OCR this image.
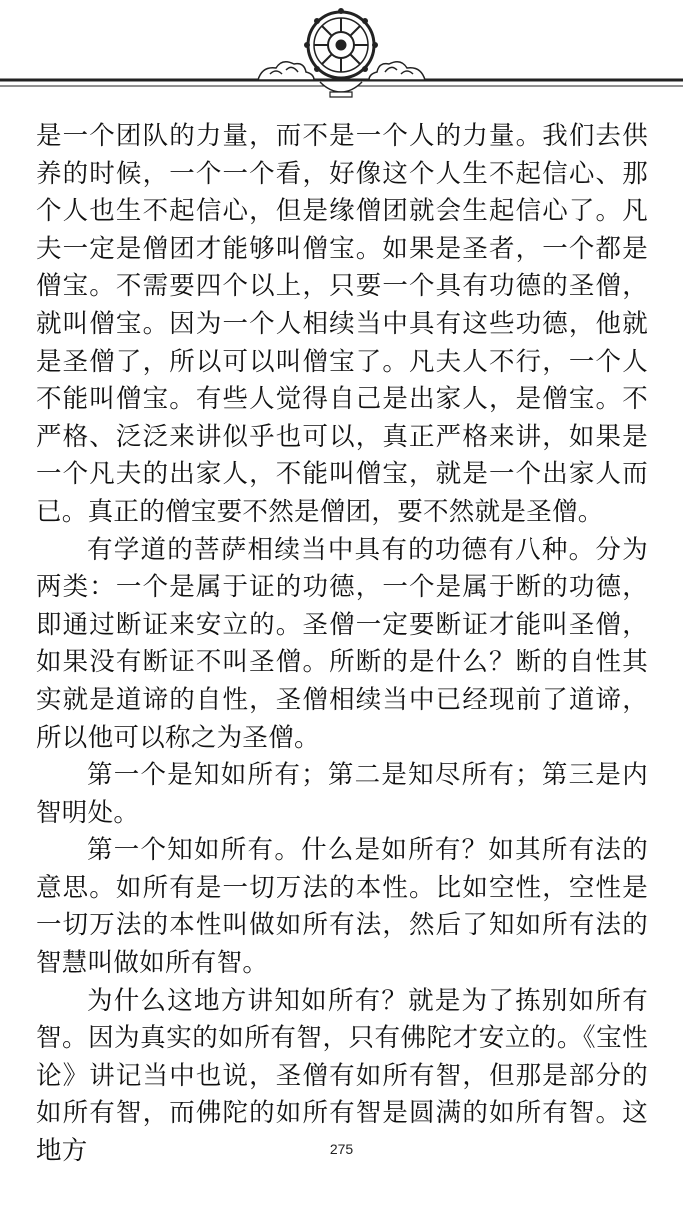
是一个团队的力量，而不是一个人的力量。我们去供养的时候，一个一个看，好像这个人生不起信心、那个人也生不起信心，但是缘僧团就会生起信心了。凡夫一定是僧团才能够叫僧宝。如果是圣者，一个都是僧宝。不需要四个以上，只要一个具有功德的圣僧，就叫僧宝。因为一个人相续当中具有这些功德，他就是圣僧了，所以可以叫僧宝了。凡夫人不行，一个人不能叫僧宝。有些人觉得自己是出家人，是僧宝。不严格、泛泛来讲似乎也可以，真正严格来讲，如果是一个凡夫的出家人，不能叫僧宝，就是一个出家人而已。真正的僧宝要不然是僧团，要不然就是圣僧。

有学道的菩萨相续当中具有的功德有八种。分为两类：一个是属于证的功德，一个是属于断的功德，即通过断证来安立的。圣僧一定要断证才能叫圣僧，如果没有断证不叫圣僧。所断的是什么？断的自性其实就是道谛的自性，圣僧相续当中已经现前了道谛，所以他可以称之为圣僧。

第一个是知如所有；第二是知尽所有；第三是内智明处。

第一个知如所有。什么是如所有？如其所有法的意思。如所有是一切万法的本性。比如空性，空性是一切万法的本性叫做如所有法，然后了知如所有法的智慧叫做如所有智。

为什么这地方讲知如所有？就是为了拣别如所有智。因为真实的如所有智，只有佛陀才安立的。《宝性论》讲记当中也说，圣僧有如所有智，但那是部分的如所有智，而佛陀的如所有智是圆满的如所有智。这地方	275
